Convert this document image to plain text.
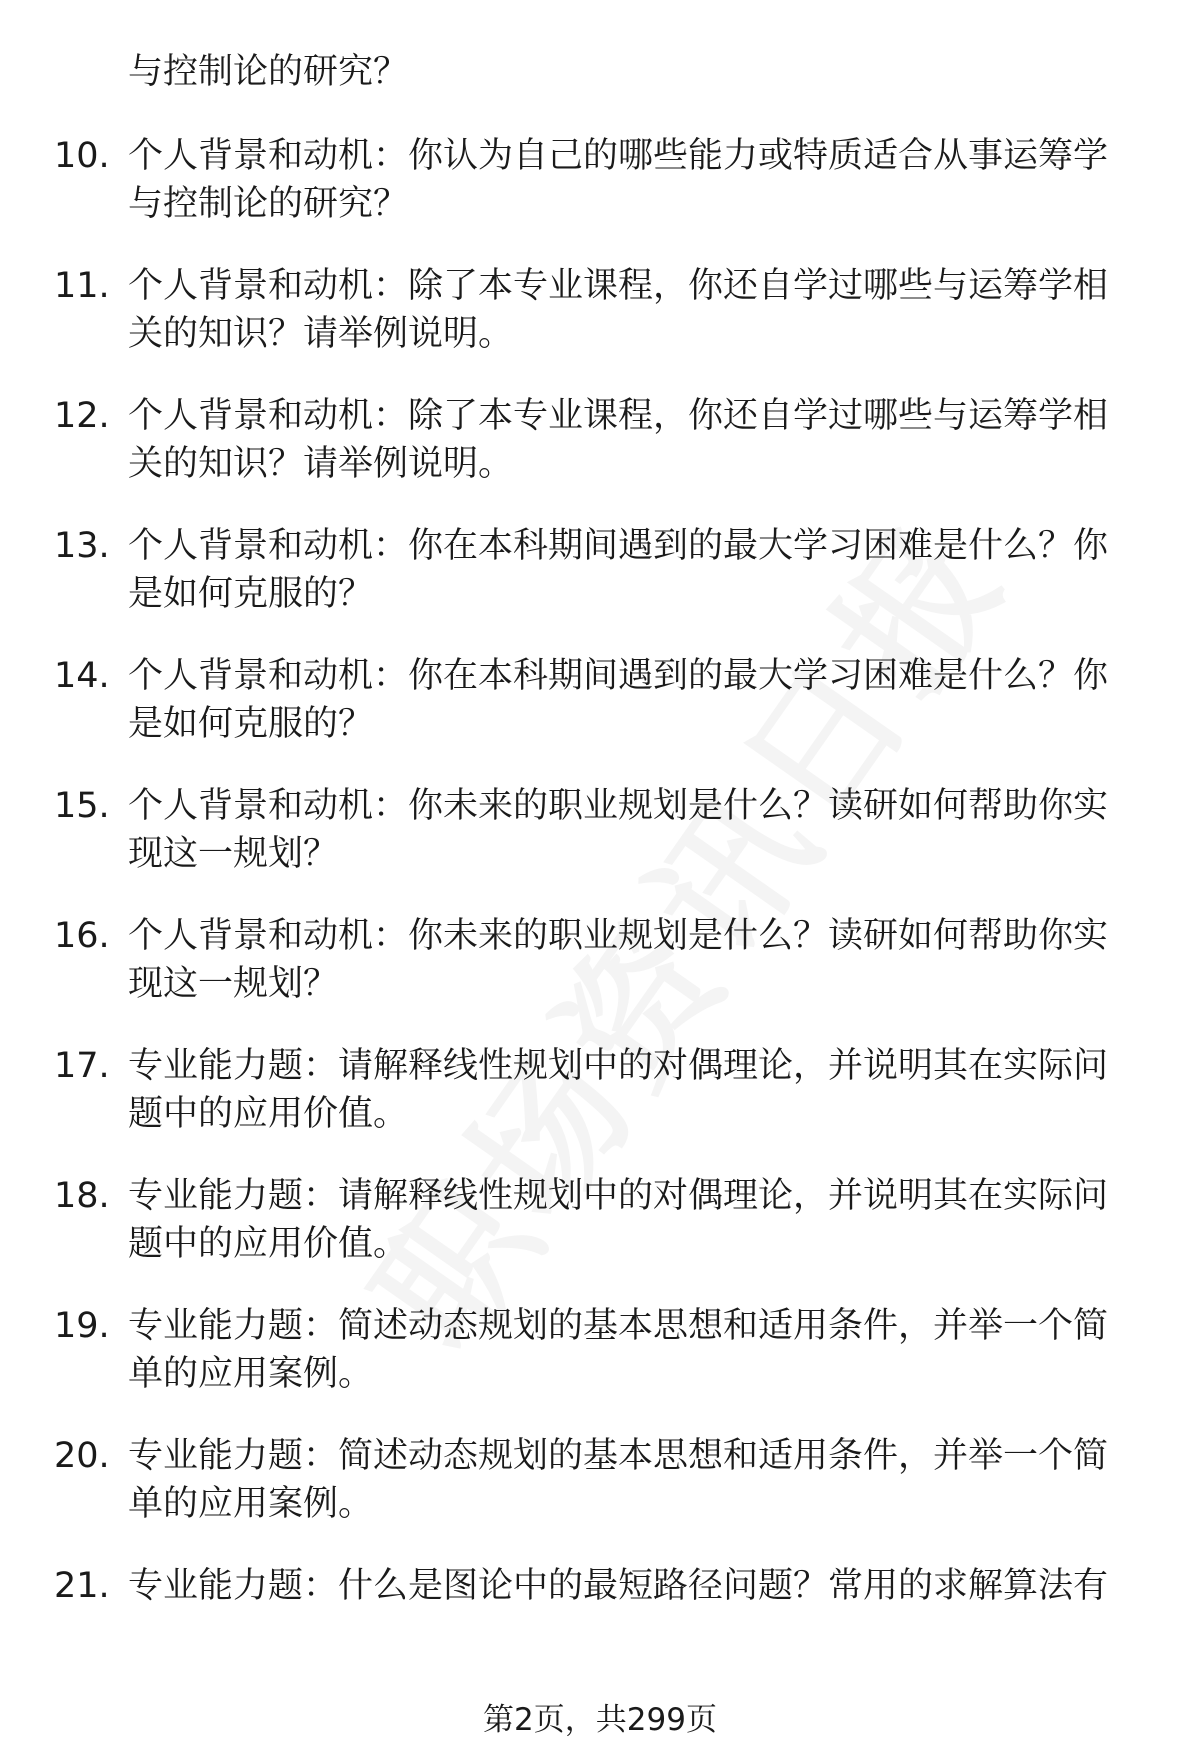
与控制论的研究？
10. 个人背景和动机：你认为自己的哪些能力或特质适合从事运筹学
与控制论的研究？
11. 个人背景和动机：除了本专业课程，你还自学过哪些与运筹学相
关的知识？请举例说明。
12. 个人背景和动机：除了本专业课程，你还自学过哪些与运筹学相
关的知识？请举例说明。
13. 个人背景和动机：你在本科期间遇到的最大学习困难是什么？你
是如何克服的？
14. 个人背景和动机：你在本科期间遇到的最大学习困难是什么？你
是如何克服的？
15. 个人背景和动机：你未来的职业规划是什么？读研如何帮助你实
现这一规划？
16. 个人背景和动机：你未来的职业规划是什么？读研如何帮助你实
现这一规划？
17. 专业能力题：请解释线性规划中的对偶理论，并说明其在实际问
题中的应用价值。
18. 专业能力题：请解释线性规划中的对偶理论，并说明其在实际问
题中的应用价值。
19. 专业能力题：简述动态规划的基本思想和适用条件，并举一个简
单的应用案例。
20. 专业能力题：简述动态规划的基本思想和适用条件，并举一个简
单的应用案例。
21. 专业能力题：什么是图论中的最短路径问题？常用的求解算法有
第2页，共299页
